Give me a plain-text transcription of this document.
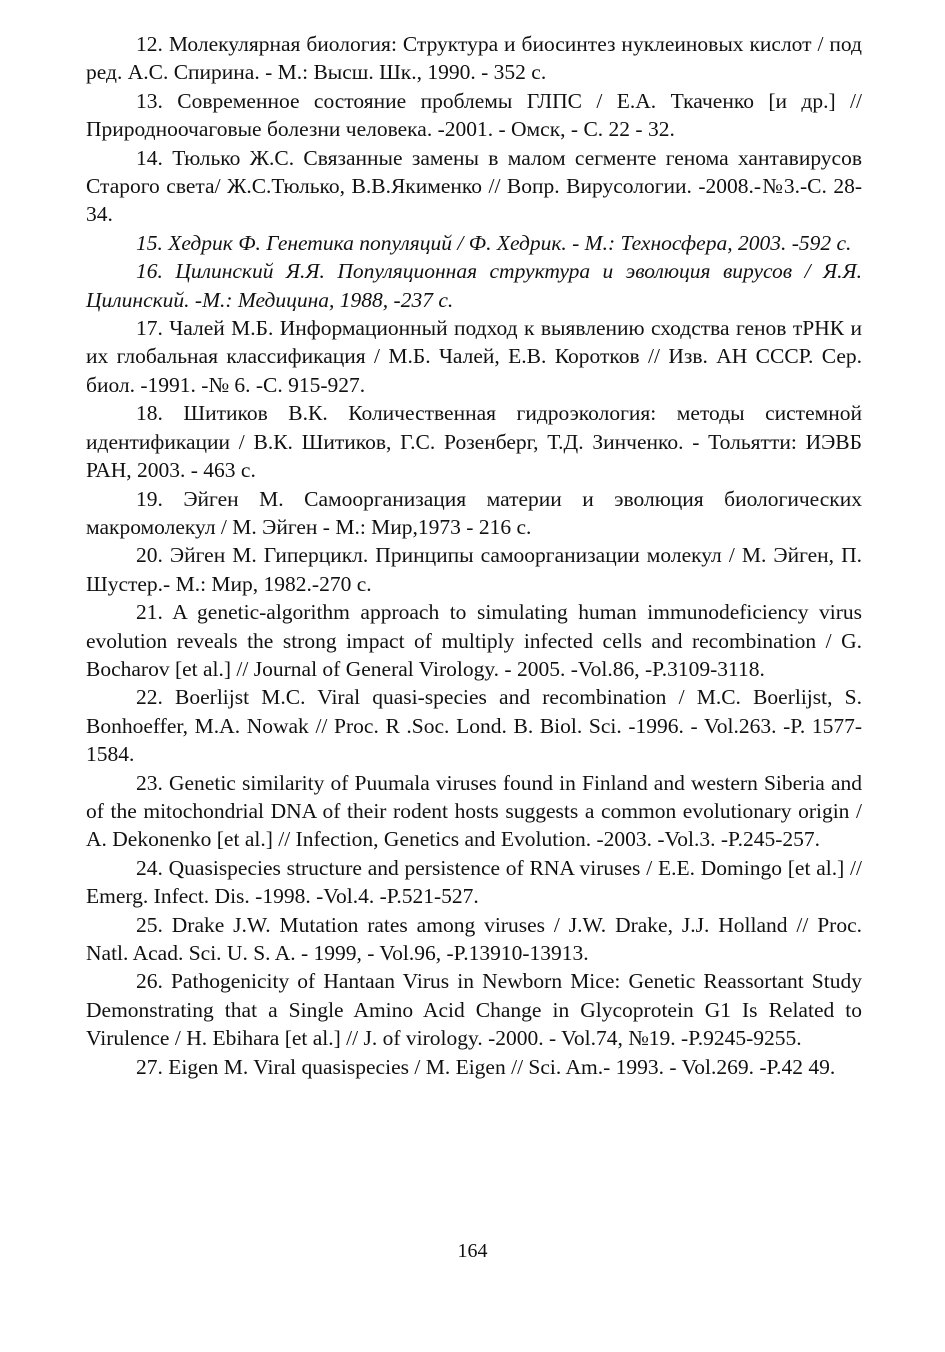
12. Молекулярная биология: Структура и биосинтез нуклеиновых кислот / под ред. А.С. Спирина. - М.: Высш. Шк., 1990. - 352 с.

13. Современное состояние проблемы ГЛПС / Е.А. Ткаченко [и др.] // Природноочаговые болезни человека. -2001. - Омск, - С. 22 - 32.

14. Тюлько Ж.С. Связанные замены в малом сегменте генома хантавирусов Старого света/ Ж.С.Тюлько, В.В.Якименко // Вопр. Вирусологии. -2008.-№3.-С. 28-34.

15. Хедрик Ф. Генетика популяций / Ф. Хедрик. - М.: Техносфера, 2003. -592 с.

16. Цилинский Я.Я. Популяционная структура и эволюция вирусов / Я.Я. Цилинский. -М.: Медицина, 1988, -237 с.

17. Чалей М.Б. Информационный подход к выявлению сходства генов тРНК и их глобальная классификация / М.Б. Чалей, Е.В. Коротков // Изв. АН СССР. Сер. биол. -1991. -№ 6. -С. 915-927.

18. Шитиков В.К. Количественная гидроэкология: методы системной идентификации / В.К. Шитиков, Г.С. Розенберг, Т.Д. Зинченко. - Тольятти: ИЭВБ РАН, 2003. - 463 с.

19. Эйген М. Самоорганизация материи и эволюция биологических макромолекул / М. Эйген - М.: Мир,1973 - 216 с.

20. Эйген М. Гиперцикл. Принципы самоорганизации молекул / М. Эйген, П. Шустер.- М.: Мир, 1982.-270 с.

21. A genetic-algorithm approach to simulating human immunodeficiency virus evolution reveals the strong impact of multiply infected cells and recombination / G. Bocharov [et al.] // Journal of General Virology. - 2005. -Vol.86, -P.3109-3118.

22. Boerlijst M.C. Viral quasi-species and recombination / M.C. Boerlijst, S. Bonhoeffer, M.A. Nowak // Proc. R .Soc. Lond. B. Biol. Sci. -1996. - Vol.263. -P. 1577-1584.

23. Genetic similarity of Puumala viruses found in Finland and western Siberia and of the mitochondrial DNA of their rodent hosts suggests a common evolutionary origin / A. Dekonenko [et al.] // Infection, Genetics and Evolution. -2003. -Vol.3. -P.245-257.

24. Quasispecies structure and persistence of RNA viruses / E.E. Domingo [et al.] // Emerg. Infect. Dis. -1998. -Vol.4. -P.521-527.

25. Drake J.W. Mutation rates among viruses / J.W. Drake, J.J. Holland // Proc. Natl. Acad. Sci. U. S. A. - 1999, - Vol.96, -P.13910-13913.

26. Pathogenicity of Hantaan Virus in Newborn Mice: Genetic Reassortant Study Demonstrating that a Single Amino Acid Change in Glycoprotein G1 Is Related to Virulence / H. Ebihara [et al.] // J. of virology. -2000. - Vol.74, №19. -P.9245-9255.

27. Eigen M. Viral quasispecies / M. Eigen // Sci. Am.- 1993. - Vol.269. -P.42 49.

164
